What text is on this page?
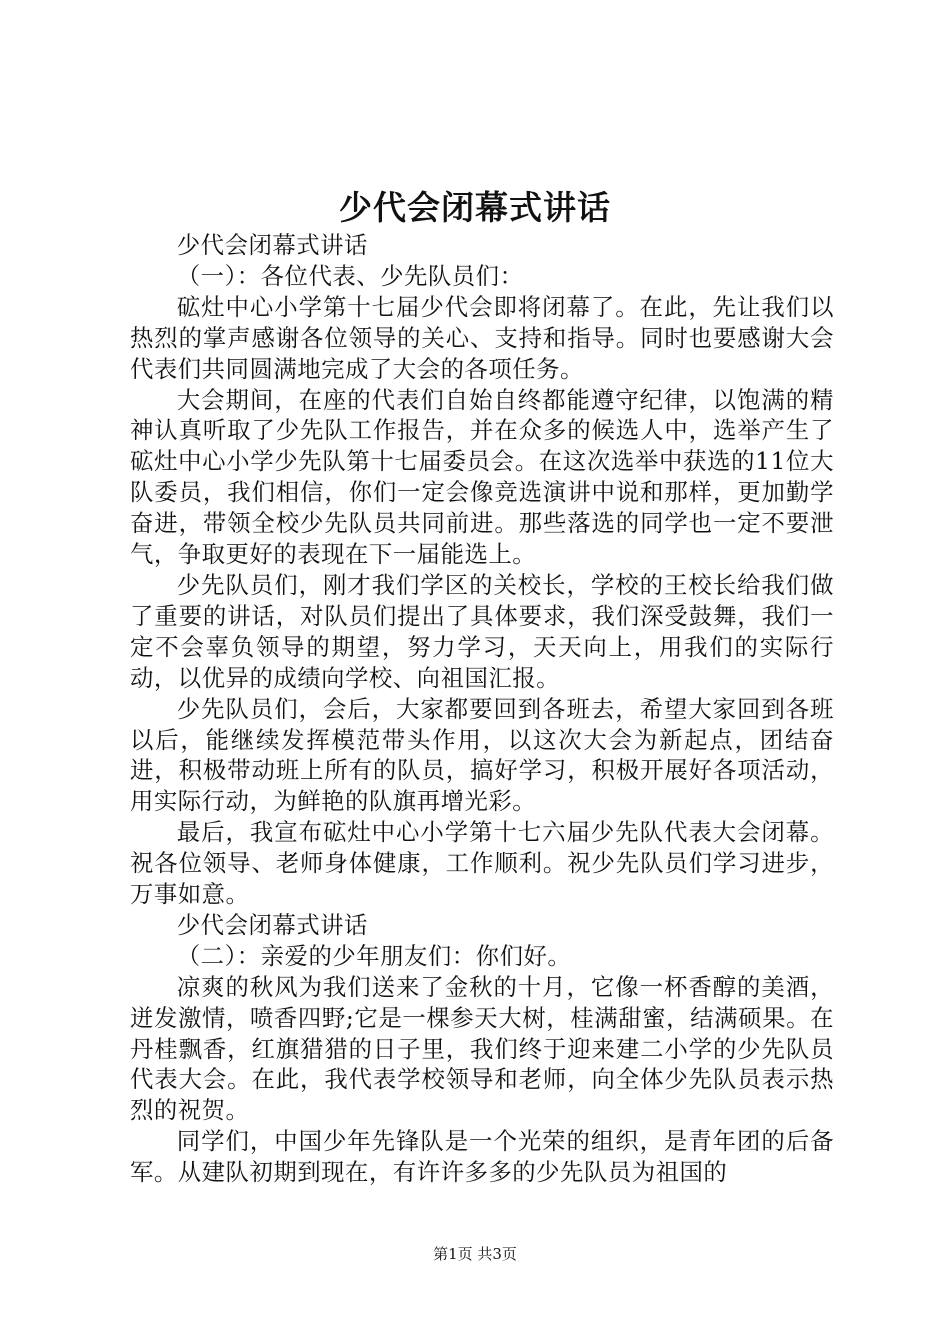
少代会闭幕式讲话

少代会闭幕式讲话

（一）：各位代表、少先队员们：

砿灶中心小学第十七届少代会即将闭幕了。在此，先让我们以热烈的掌声感谢各位领导的关心、支持和指导。同时也要感谢大会代表们共同圆满地完成了大会的各项任务。

大会期间，在座的代表们自始自终都能遵守纪律，以饱满的精神认真听取了少先队工作报告，并在众多的候选人中，选举产生了砿灶中心小学少先队第十七届委员会。在这次选举中获选的11位大队委员，我们相信，你们一定会像竞选演讲中说和那样，更加勤学奋进，带领全校少先队员共同前进。那些落选的同学也一定不要泄气，争取更好的表现在下一届能选上。

少先队员们，刚才我们学区的关校长，学校的王校长给我们做了重要的讲话，对队员们提出了具体要求，我们深受鼓舞，我们一定不会辜负领导的期望，努力学习，天天向上，用我们的实际行动，以优异的成绩向学校、向祖国汇报。

少先队员们，会后，大家都要回到各班去，希望大家回到各班以后，能继续发挥模范带头作用，以这次大会为新起点，团结奋进，积极带动班上所有的队员，搞好学习，积极开展好各项活动，用实际行动，为鲜艳的队旗再增光彩。

最后，我宣布砿灶中心小学第十七六届少先队代表大会闭幕。祝各位领导、老师身体健康，工作顺利。祝少先队员们学习进步，万事如意。

少代会闭幕式讲话

（二）：亲爱的少年朋友们：你们好。

凉爽的秋风为我们送来了金秋的十月，它像一杯香醇的美酒，迸发激情，喷香四野;它是一棵参天大树，桂满甜蜜，结满硕果。在丹桂飘香，红旗猎猎的日子里，我们终于迎来建二小学的少先队员代表大会。在此，我代表学校领导和老师，向全体少先队员表示热烈的祝贺。

同学们，中国少年先锋队是一个光荣的组织，是青年团的后备军。从建队初期到现在，有许许多多的少先队员为祖国的

第1页 共3页
